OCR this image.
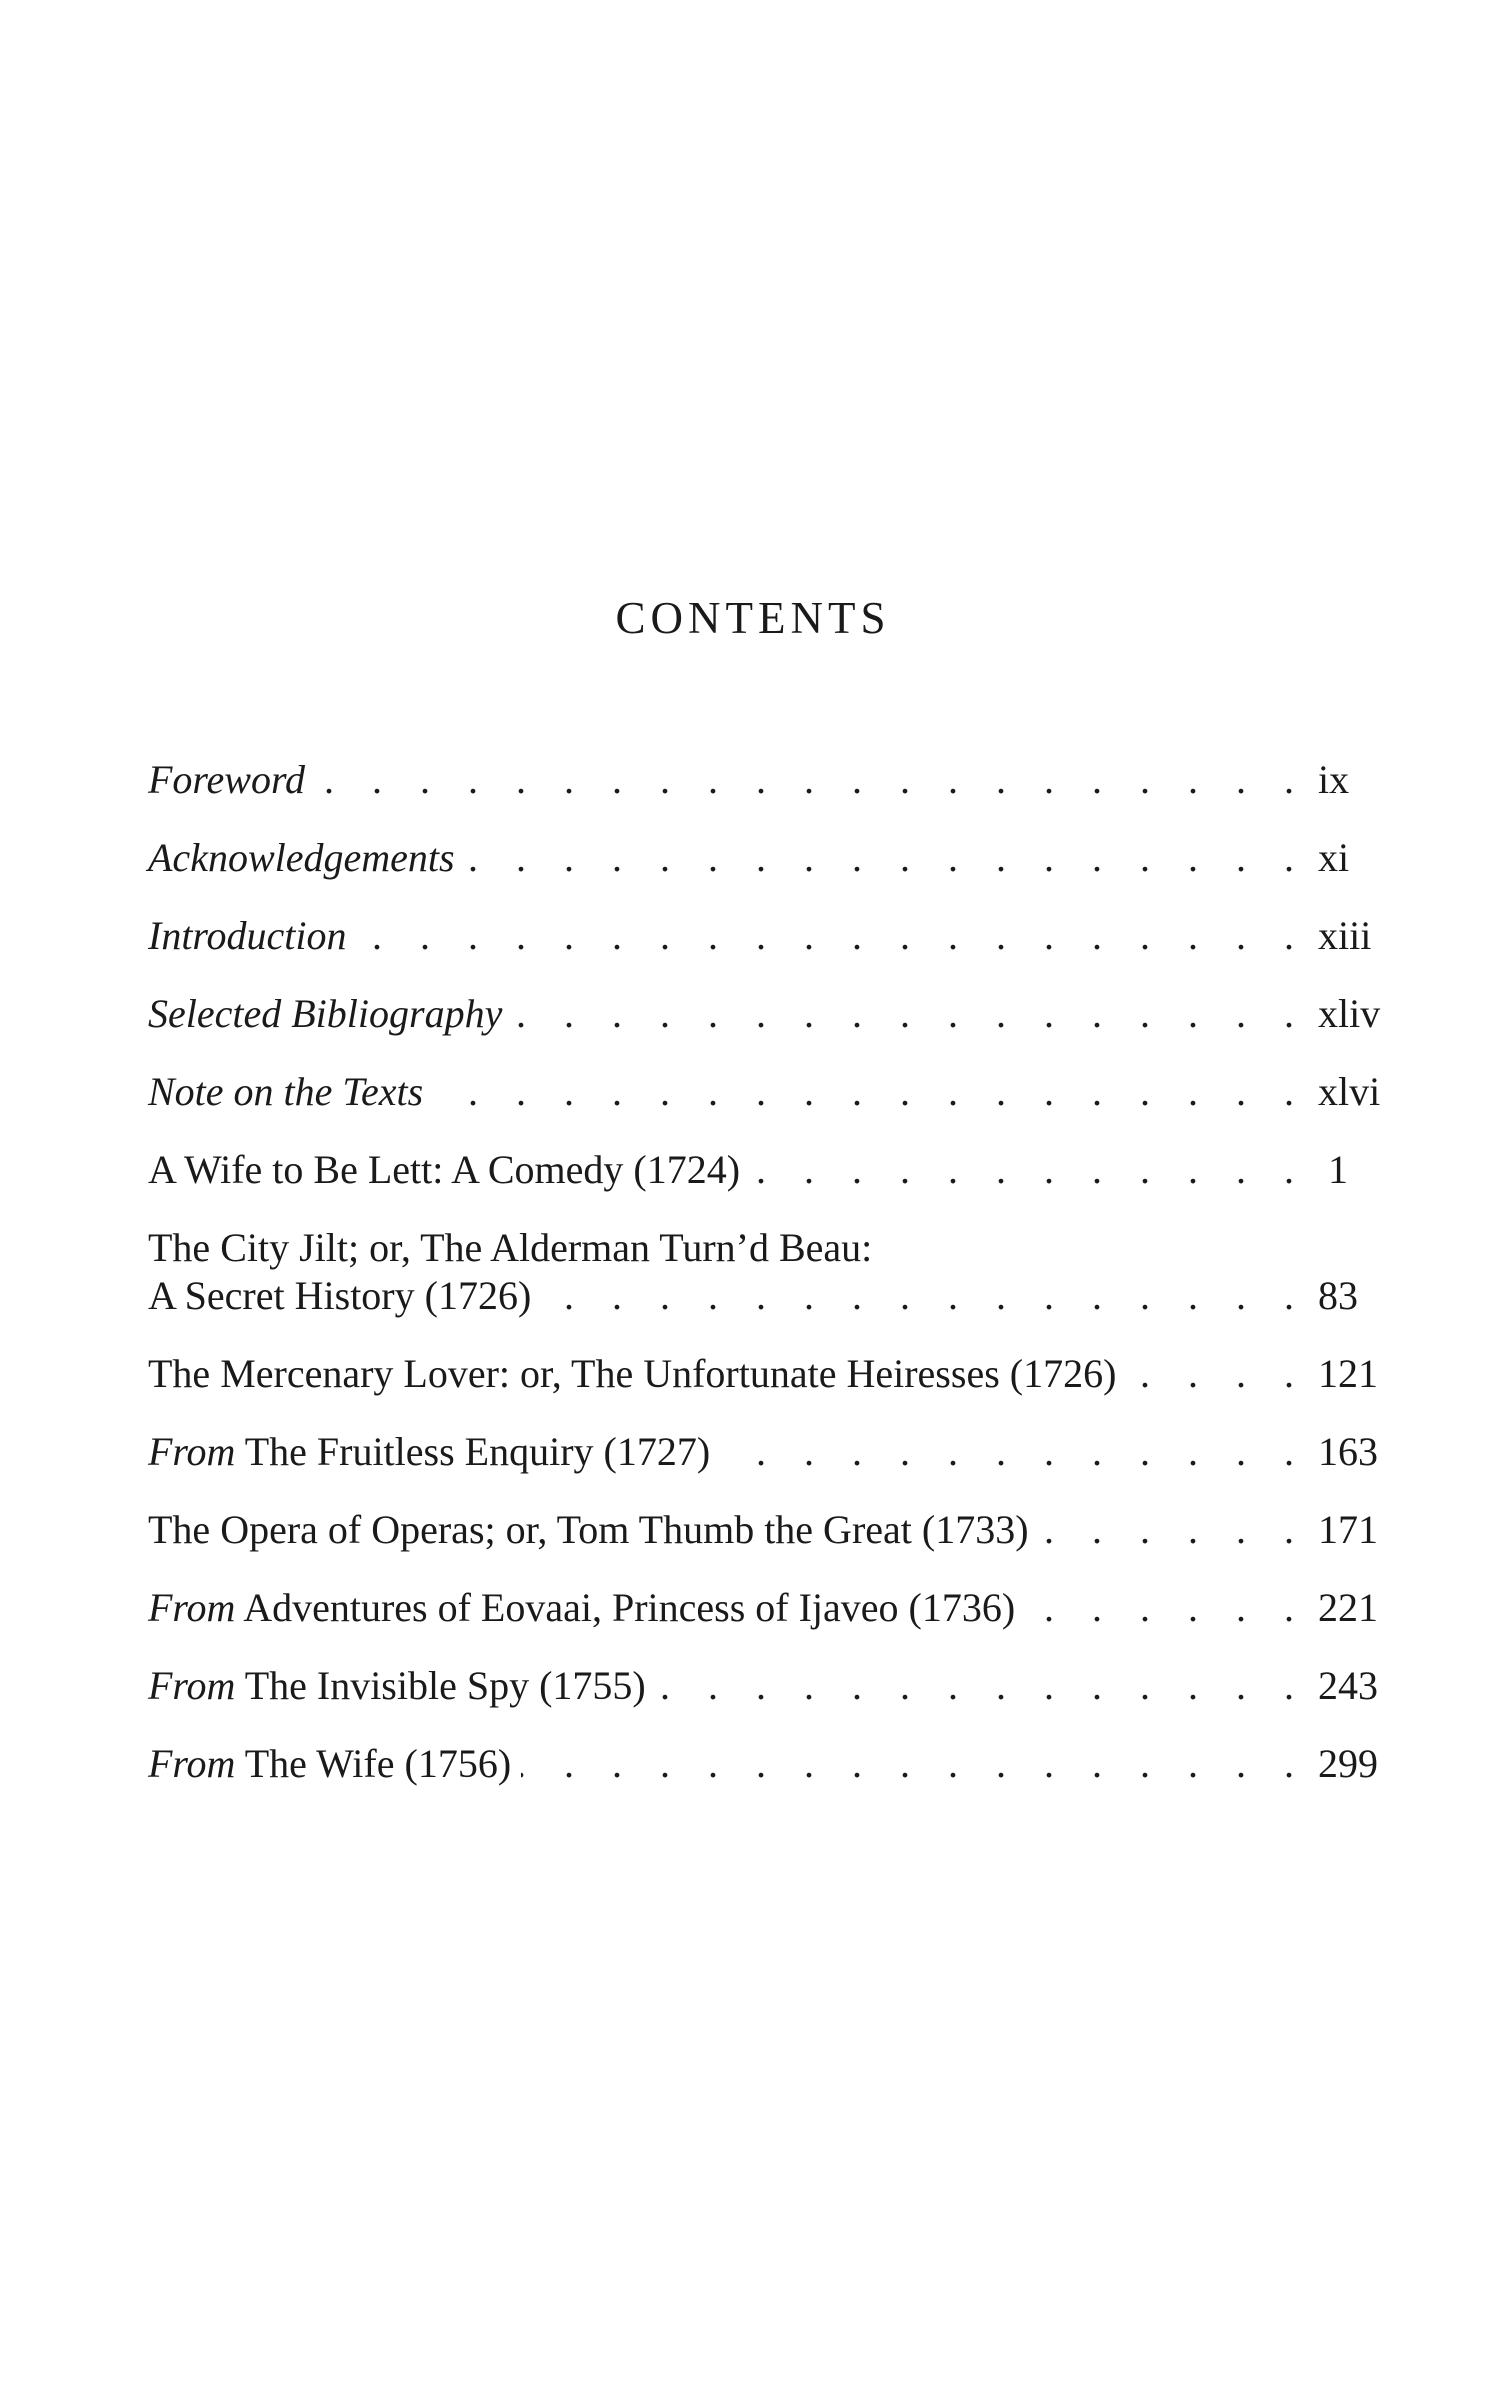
CONTENTS
Foreword . . .	ix
Acknowledgements . . .	xi
Introduction . . .	xiii
Selected Bibliography . . .	xliv
Note on the Texts . . .	xlvi
A Wife to Be Lett: A Comedy (1724) . . .	1
The City Jilt; or, The Alderman Turn’d Beau:
A Secret History (1726) . . .	83
The Mercenary Lover: or, The Unfortunate Heiresses (1726) . . .	121
From The Fruitless Enquiry (1727) . . .	163
The Opera of Operas; or, Tom Thumb the Great (1733) . . .	171
From Adventures of Eovaai, Princess of Ijaveo (1736) . . .	221
From The Invisible Spy (1755) . . .	243
From The Wife (1756) . . .	299
